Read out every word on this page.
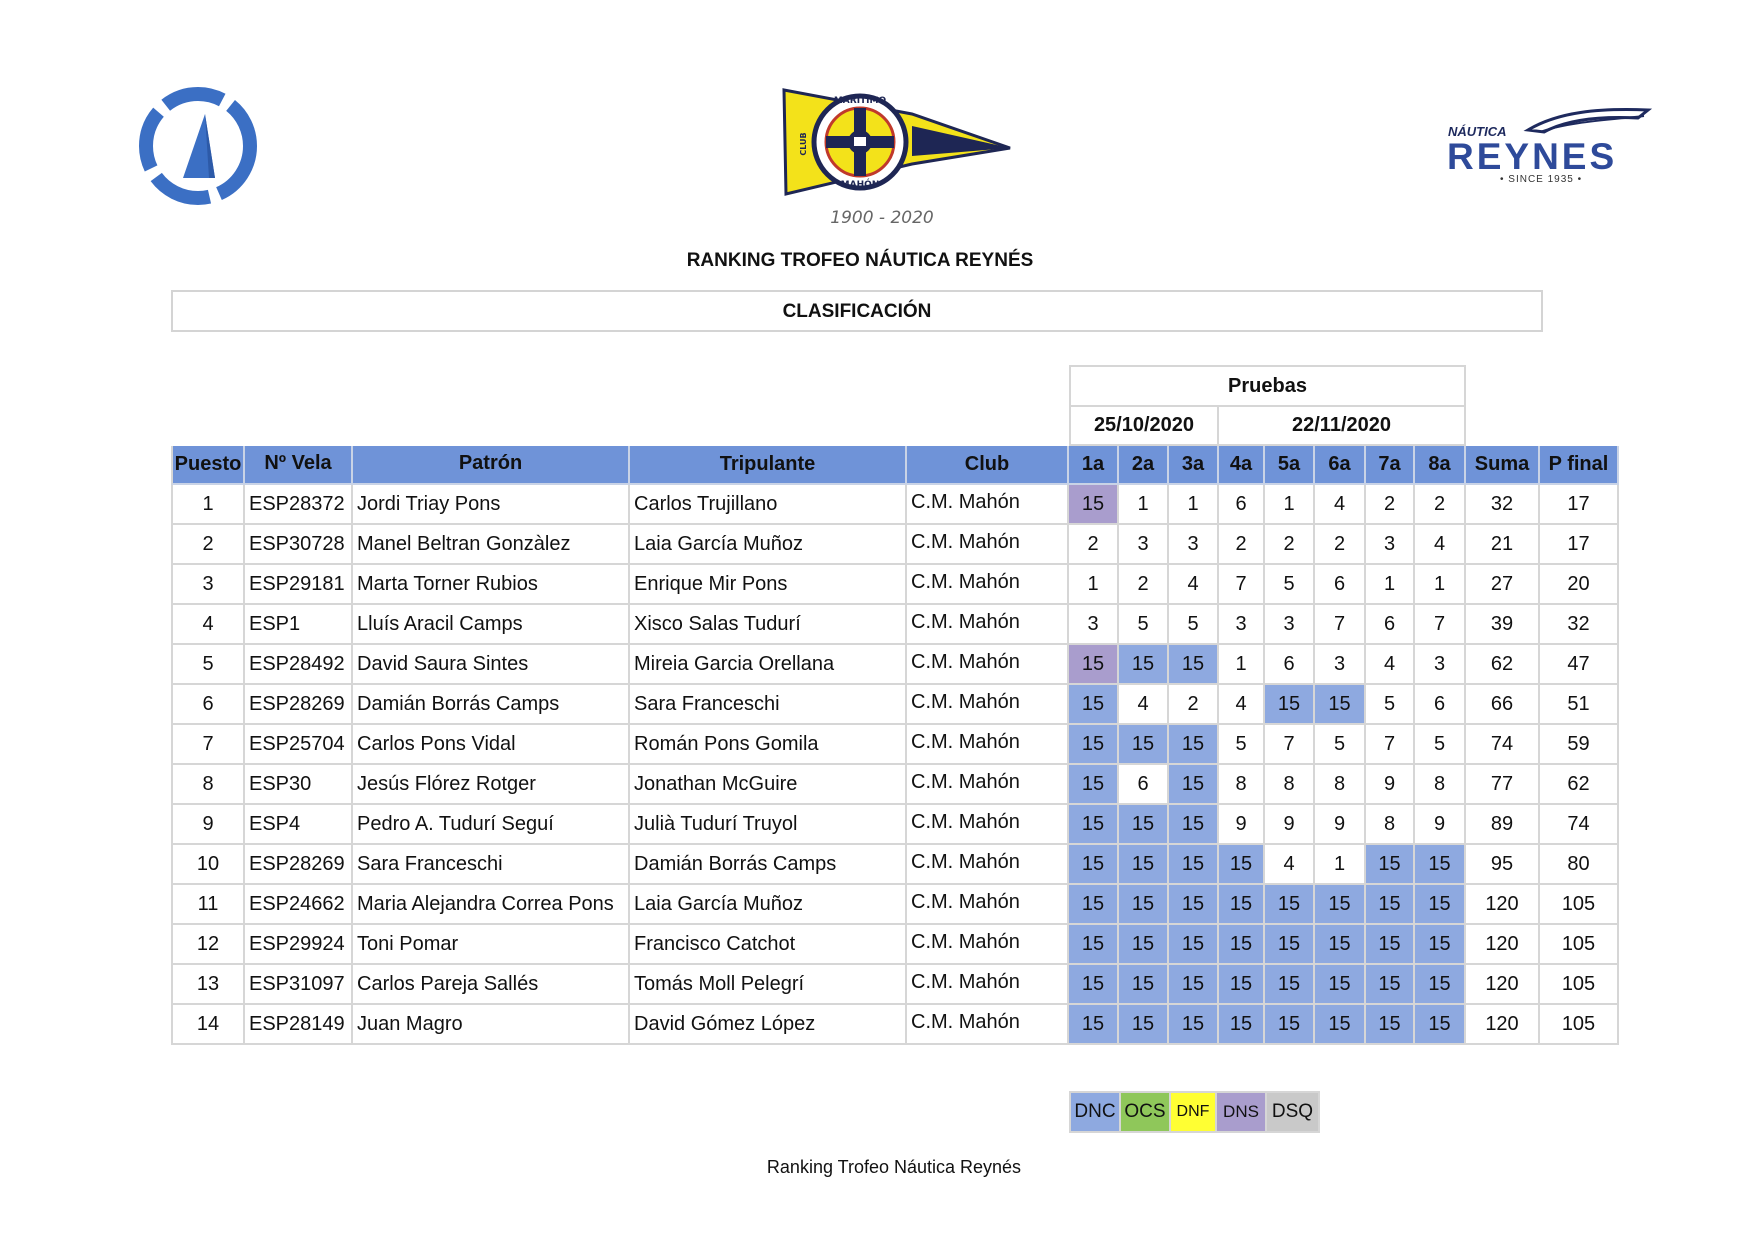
MARÍTIMO
CLUB
MAHÓN
1900 - 2020
NÁUTICA
REYNES
• SINCE 1935 •
RANKING TROFEO NÁUTICA REYNÉS
CLASIFICACIÓN
Pruebas
25/10/2020	22/11/2020
Puesto	Nº Vela	Patrón	Tripulante	Club	1a	2a	3a	4a	5a	6a	7a	8a	Suma P final
1	ESP28372 Jordi Triay Pons	Carlos Trujillano	C.M. Mahón	15	1	1	6	1	4	2	2	32	17
2	ESP30728 Manel Beltran Gonzàlez	Laia García Muñoz	C.M. Mahón	2	3	3	2	2	2	3	4	21	17
3	ESP29181 Marta Torner Rubios	Enrique Mir Pons	C.M. Mahón	1	2	4	7	5	6	1	1	27	20
4	ESP1	Lluís Aracil Camps	Xisco Salas Tudurí	C.M. Mahón	3	5	5	3	3	7	6	7	39	32
5	ESP28492 David Saura Sintes	Mireia Garcia Orellana	C.M. Mahón	15	15	15	1	6	3	4	3	62	47
6	ESP28269 Damián Borrás Camps	Sara Franceschi	C.M. Mahón	15	4	2	4	15	15	5	6	66	51
7	ESP25704 Carlos Pons Vidal	Román Pons Gomila	C.M. Mahón	15	15	15	5	7	5	7	5	74	59
8	ESP30	Jesús Flórez Rotger	Jonathan McGuire	C.M. Mahón	15	6	15	8	8	8	9	8	77	62
9	ESP4	Pedro A. Tudurí Seguí	Julià Tudurí Truyol	C.M. Mahón	15	15	15	9	9	9	8	9	89	74
10	ESP28269 Sara Franceschi	Damián Borrás Camps	C.M. Mahón	15	15	15	15	4	1	15	15	95	80
11	ESP24662 Maria Alejandra Correa Pons	Laia García Muñoz	C.M. Mahón	15	15	15	15	15	15	15	15	120	105
12	ESP29924 Toni Pomar	Francisco Catchot	C.M. Mahón	15	15	15	15	15	15	15	15	120	105
13	ESP31097 Carlos Pareja Sallés	Tomás Moll Pelegrí	C.M. Mahón	15	15	15	15	15	15	15	15	120	105
14	ESP28149 Juan Magro	David Gómez López	C.M. Mahón	15	15	15	15	15	15	15	15	120	105
DNC OCS DNF DNS DSQ
Ranking Trofeo Náutica Reynés
